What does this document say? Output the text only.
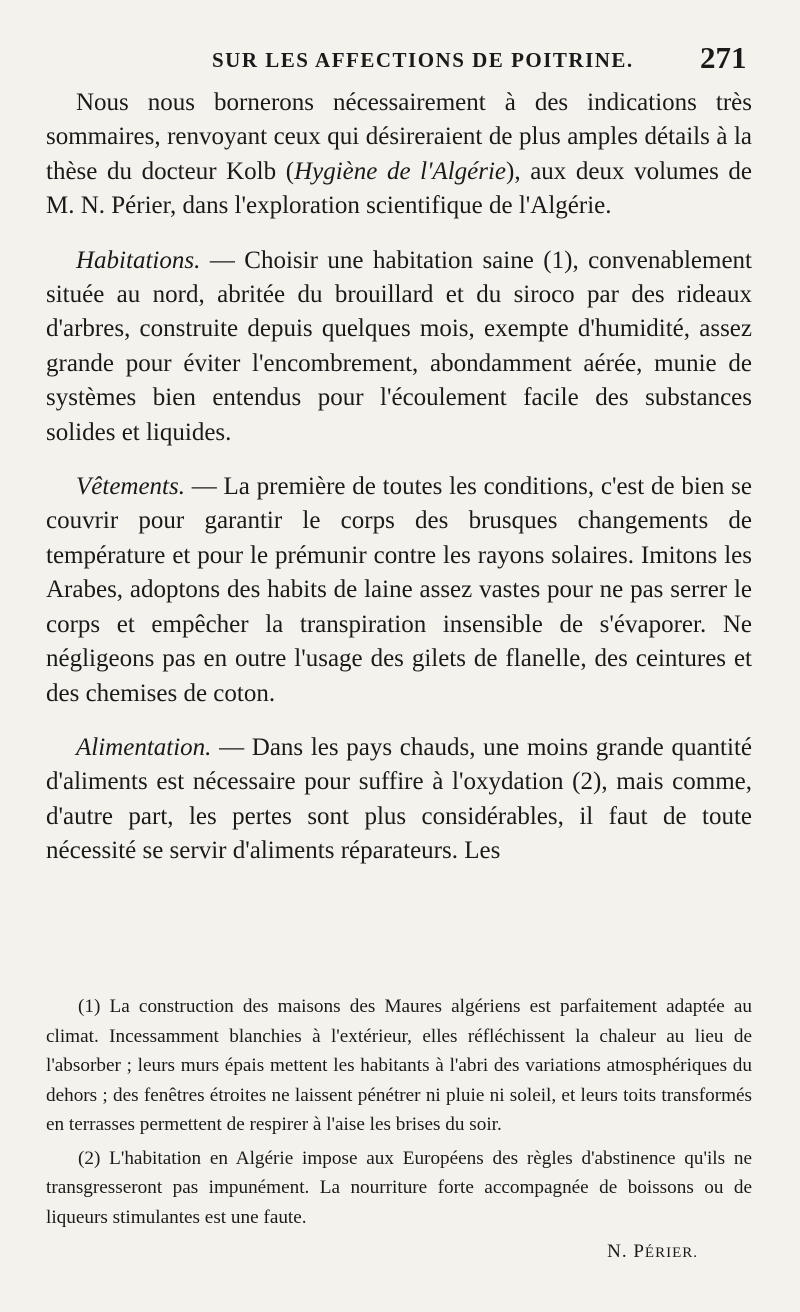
SUR LES AFFECTIONS DE POITRINE. 271

Nous nous bornerons nécessairement à des indications très sommaires, renvoyant ceux qui désireraient de plus amples détails à la thèse du docteur Kolb (Hygiène de l'Algérie), aux deux volumes de M. N. Périer, dans l'exploration scientifique de l'Algérie.

Habitations. — Choisir une habitation saine (1), convenablement située au nord, abritée du brouillard et du siroco par des rideaux d'arbres, construite depuis quelques mois, exempte d'humidité, assez grande pour éviter l'encombrement, abondamment aérée, munie de systèmes bien entendus pour l'écoulement facile des substances solides et liquides.

Vêtements. — La première de toutes les conditions, c'est de bien se couvrir pour garantir le corps des brusques changements de température et pour le prémunir contre les rayons solaires. Imitons les Arabes, adoptons des habits de laine assez vastes pour ne pas serrer le corps et empêcher la transpiration insensible de s'évaporer. Ne négligeons pas en outre l'usage des gilets de flanelle, des ceintures et des chemises de coton.

Alimentation. — Dans les pays chauds, une moins grande quantité d'aliments est nécessaire pour suffire à l'oxydation (2), mais comme, d'autre part, les pertes sont plus considérables, il faut de toute nécessité se servir d'aliments réparateurs. Les

(1) La construction des maisons des Maures algériens est parfaitement adaptée au climat. Incessamment blanchies à l'extérieur, elles réfléchissent la chaleur au lieu de l'absorber ; leurs murs épais mettent les habitants à l'abri des variations atmosphériques du dehors ; des fenêtres étroites ne laissent pénétrer ni pluie ni soleil, et leurs toits transformés en terrasses permettent de respirer à l'aise les brises du soir.

(2) L'habitation en Algérie impose aux Européens des règles d'abstinence qu'ils ne transgresseront pas impunément. La nourriture forte accompagnée de boissons ou de liqueurs stimulantes est une faute.

N. PÉRIER.
